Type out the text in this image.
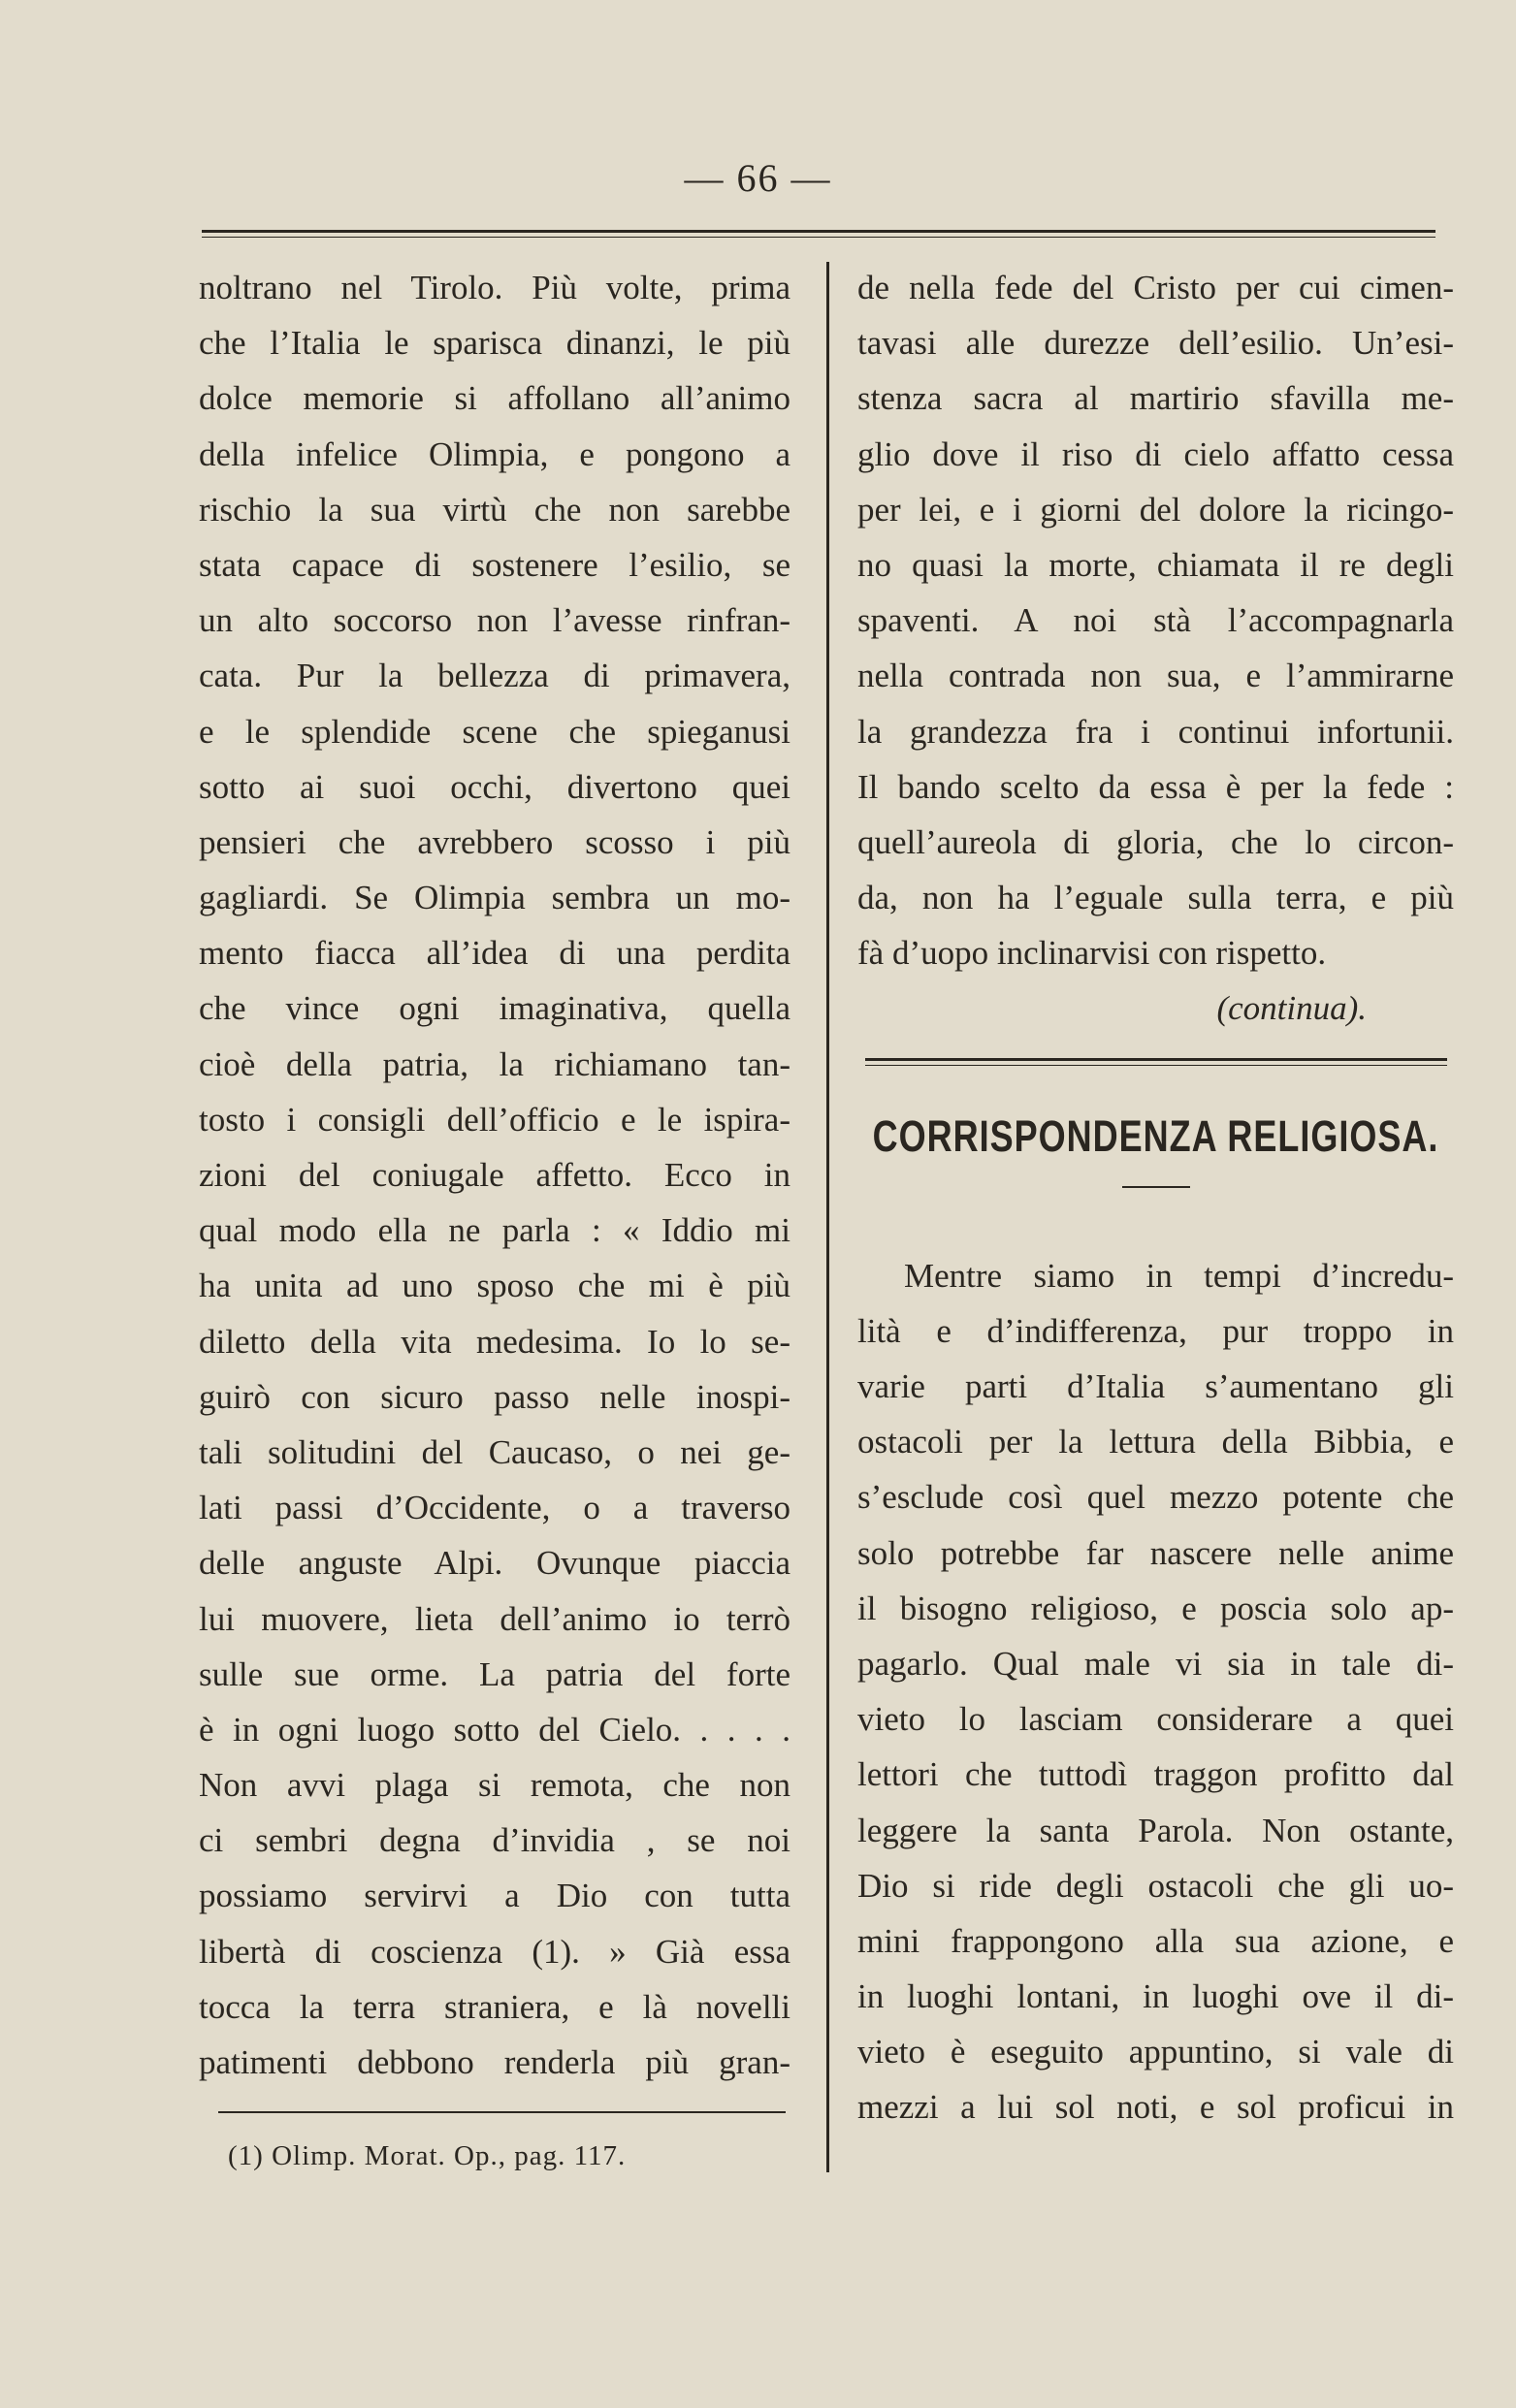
— 66 —
noltrano nel Tirolo. Più volte, prima
che l’Italia le sparisca dinanzi, le più
dolce memorie si affollano all’animo
della infelice Olimpia, e pongono a
rischio la sua virtù che non sarebbe
stata capace di sostenere l’esilio, se
un alto soccorso non l’avesse rinfran-
cata. Pur la bellezza di primavera,
e le splendide scene che spieganusi
sotto ai suoi occhi, divertono quei
pensieri che avrebbero scosso i più
gagliardi. Se Olimpia sembra un mo-
mento fiacca all’idea di una perdita
che vince ogni imaginativa, quella
cioè della patria, la richiamano tan-
tosto i consigli dell’officio e le ispira-
zioni del coniugale affetto. Ecco in
qual modo ella ne parla : « Iddio mi
ha unita ad uno sposo che mi è più
diletto della vita medesima. Io lo se-
guirò con sicuro passo nelle inospi-
tali solitudini del Caucaso, o nei ge-
lati passi d’Occidente, o a traverso
delle anguste Alpi. Ovunque piaccia
lui muovere, lieta dell’animo io terrò
sulle sue orme. La patria del forte
è in ogni luogo sotto del Cielo. . . . .
Non avvi plaga si remota, che non
ci sembri degna d’invidia , se noi
possiamo servirvi a Dio con tutta
libertà di coscienza (1). » Già essa
tocca la terra straniera, e là novelli
patimenti debbono renderla più gran-
(1) Olimp. Morat. Op., pag. 117.
de nella fede del Cristo per cui cimen-
tavasi alle durezze dell’esilio. Un’esi-
stenza sacra al martirio sfavilla me-
glio dove il riso di cielo affatto cessa
per lei, e i giorni del dolore la ricingo-
no quasi la morte, chiamata il re degli
spaventi. A noi stà l’accompagnarla
nella contrada non sua, e l’ammirarne
la grandezza fra i continui infortunii.
Il bando scelto da essa è per la fede :
quell’aureola di gloria, che lo circon-
da, non ha l’eguale sulla terra, e più
fà d’uopo inclinarvisi con rispetto.
(continua).
CORRISPONDENZA RELIGIOSA.
Mentre siamo in tempi d’incredu-
lità e d’indifferenza, pur troppo in
varie parti d’Italia s’aumentano gli
ostacoli per la lettura della Bibbia, e
s’esclude così quel mezzo potente che
solo potrebbe far nascere nelle anime
il bisogno religioso, e poscia solo ap-
pagarlo. Qual male vi sia in tale di-
vieto lo lasciam considerare a quei
lettori che tuttodì traggon profitto dal
leggere la santa Parola. Non ostante,
Dio si ride degli ostacoli che gli uo-
mini frappongono alla sua azione, e
in luoghi lontani, in luoghi ove il di-
vieto è eseguito appuntino, si vale di
mezzi a lui sol noti, e sol proficui in
